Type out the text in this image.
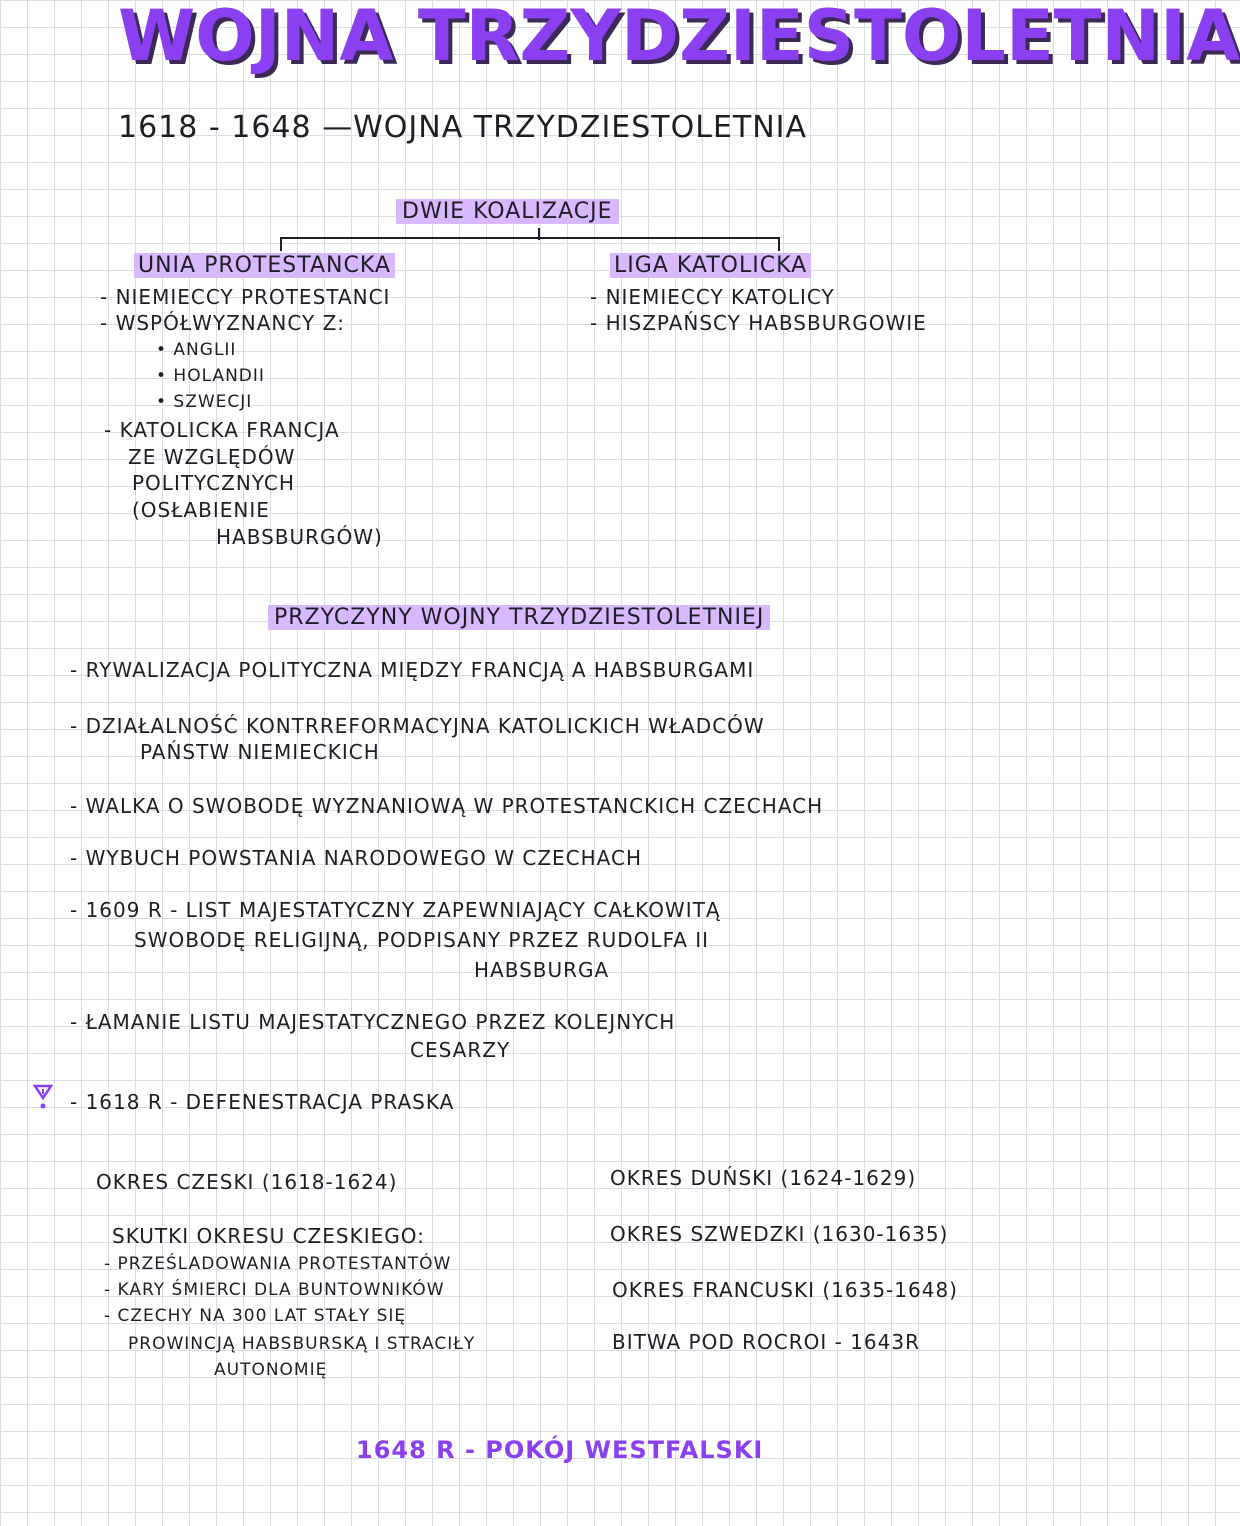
WOJNA TRZYDZIESTOLETNIA
1618 - 1648 —WOJNA TRZYDZIESTOLETNIA
DWIE KOALIZACJE
UNIA PROTESTANCKA
- NIEMIECCY PROTESTANCI
- WSPÓŁWYZNANCY Z:
• ANGLII
• HOLANDII
• SZWECJI
- KATOLICKA FRANCJA
ZE WZGLĘDÓW
POLITYCZNYCH
(OSŁABIENIE
HABSBURGÓW)
LIGA KATOLICKA
- NIEMIECCY KATOLICY
- HISZPAŃSCY HABSBURGOWIE
PRZYCZYNY WOJNY TRZYDZIESTOLETNIEJ
- RYWALIZACJA POLITYCZNA MIĘDZY FRANCJĄ A HABSBURGAMI
- DZIAŁALNOŚĆ KONTRREFORMACYJNA KATOLICKICH WŁADCÓW
PAŃSTW NIEMIECKICH
- WALKA O SWOBODĘ WYZNANIOWĄ W PROTESTANCKICH CZECHACH
- WYBUCH POWSTANIA NARODOWEGO W CZECHACH
- 1609 R - LIST MAJESTATYCZNY ZAPEWNIAJĄCY CAŁKOWITĄ
SWOBODĘ RELIGIJNĄ, PODPISANY PRZEZ RUDOLFA II
HABSBURGA
- ŁAMANIE LISTU MAJESTATYCZNEGO PRZEZ KOLEJNYCH
CESARZY
- 1618 R - DEFENESTRACJA PRASKA
OKRES CZESKI (1618-1624)
SKUTKI OKRESU CZESKIEGO:
- PRZEŚLADOWANIA PROTESTANTÓW
- KARY ŚMIERCI DLA BUNTOWNIKÓW
- CZECHY NA 300 LAT STAŁY SIĘ
PROWINCJĄ HABSBURSKĄ I STRACIŁY
AUTONOMIĘ
OKRES DUŃSKI (1624-1629)
OKRES SZWEDZKI (1630-1635)
OKRES FRANCUSKI (1635-1648)
BITWA POD ROCROI - 1643R
1648 R - POKÓJ WESTFALSKI
